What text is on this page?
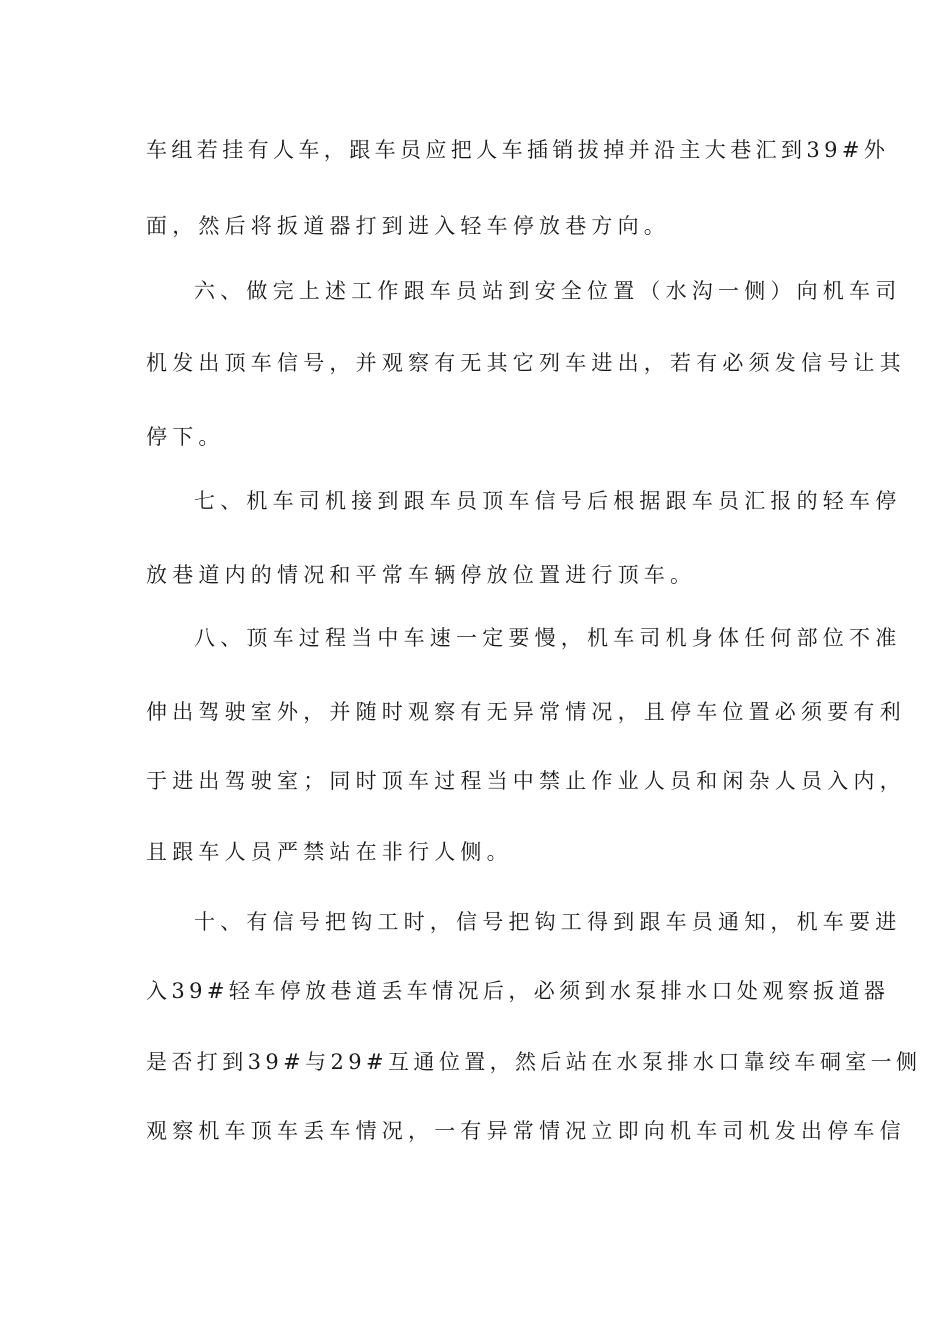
车组若挂有人车，跟车员应把人车插销拔掉并沿主大巷汇到39#外
面，然后将扳道器打到进入轻车停放巷方向。
六、做完上述工作跟车员站到安全位置（水沟一侧）向机车司
机发出顶车信号，并观察有无其它列车进出，若有必须发信号让其
停下。
七、机车司机接到跟车员顶车信号后根据跟车员汇报的轻车停
放巷道内的情况和平常车辆停放位置进行顶车。
八、顶车过程当中车速一定要慢，机车司机身体任何部位不准
伸出驾驶室外，并随时观察有无异常情况，且停车位置必须要有利
于进出驾驶室；同时顶车过程当中禁止作业人员和闲杂人员入内，
且跟车人员严禁站在非行人侧。
十、有信号把钩工时，信号把钩工得到跟车员通知，机车要进
入39#轻车停放巷道丢车情况后，必须到水泵排水口处观察扳道器
是否打到39#与29#互通位置，然后站在水泵排水口靠绞车硐室一侧
观察机车顶车丢车情况，一有异常情况立即向机车司机发出停车信
